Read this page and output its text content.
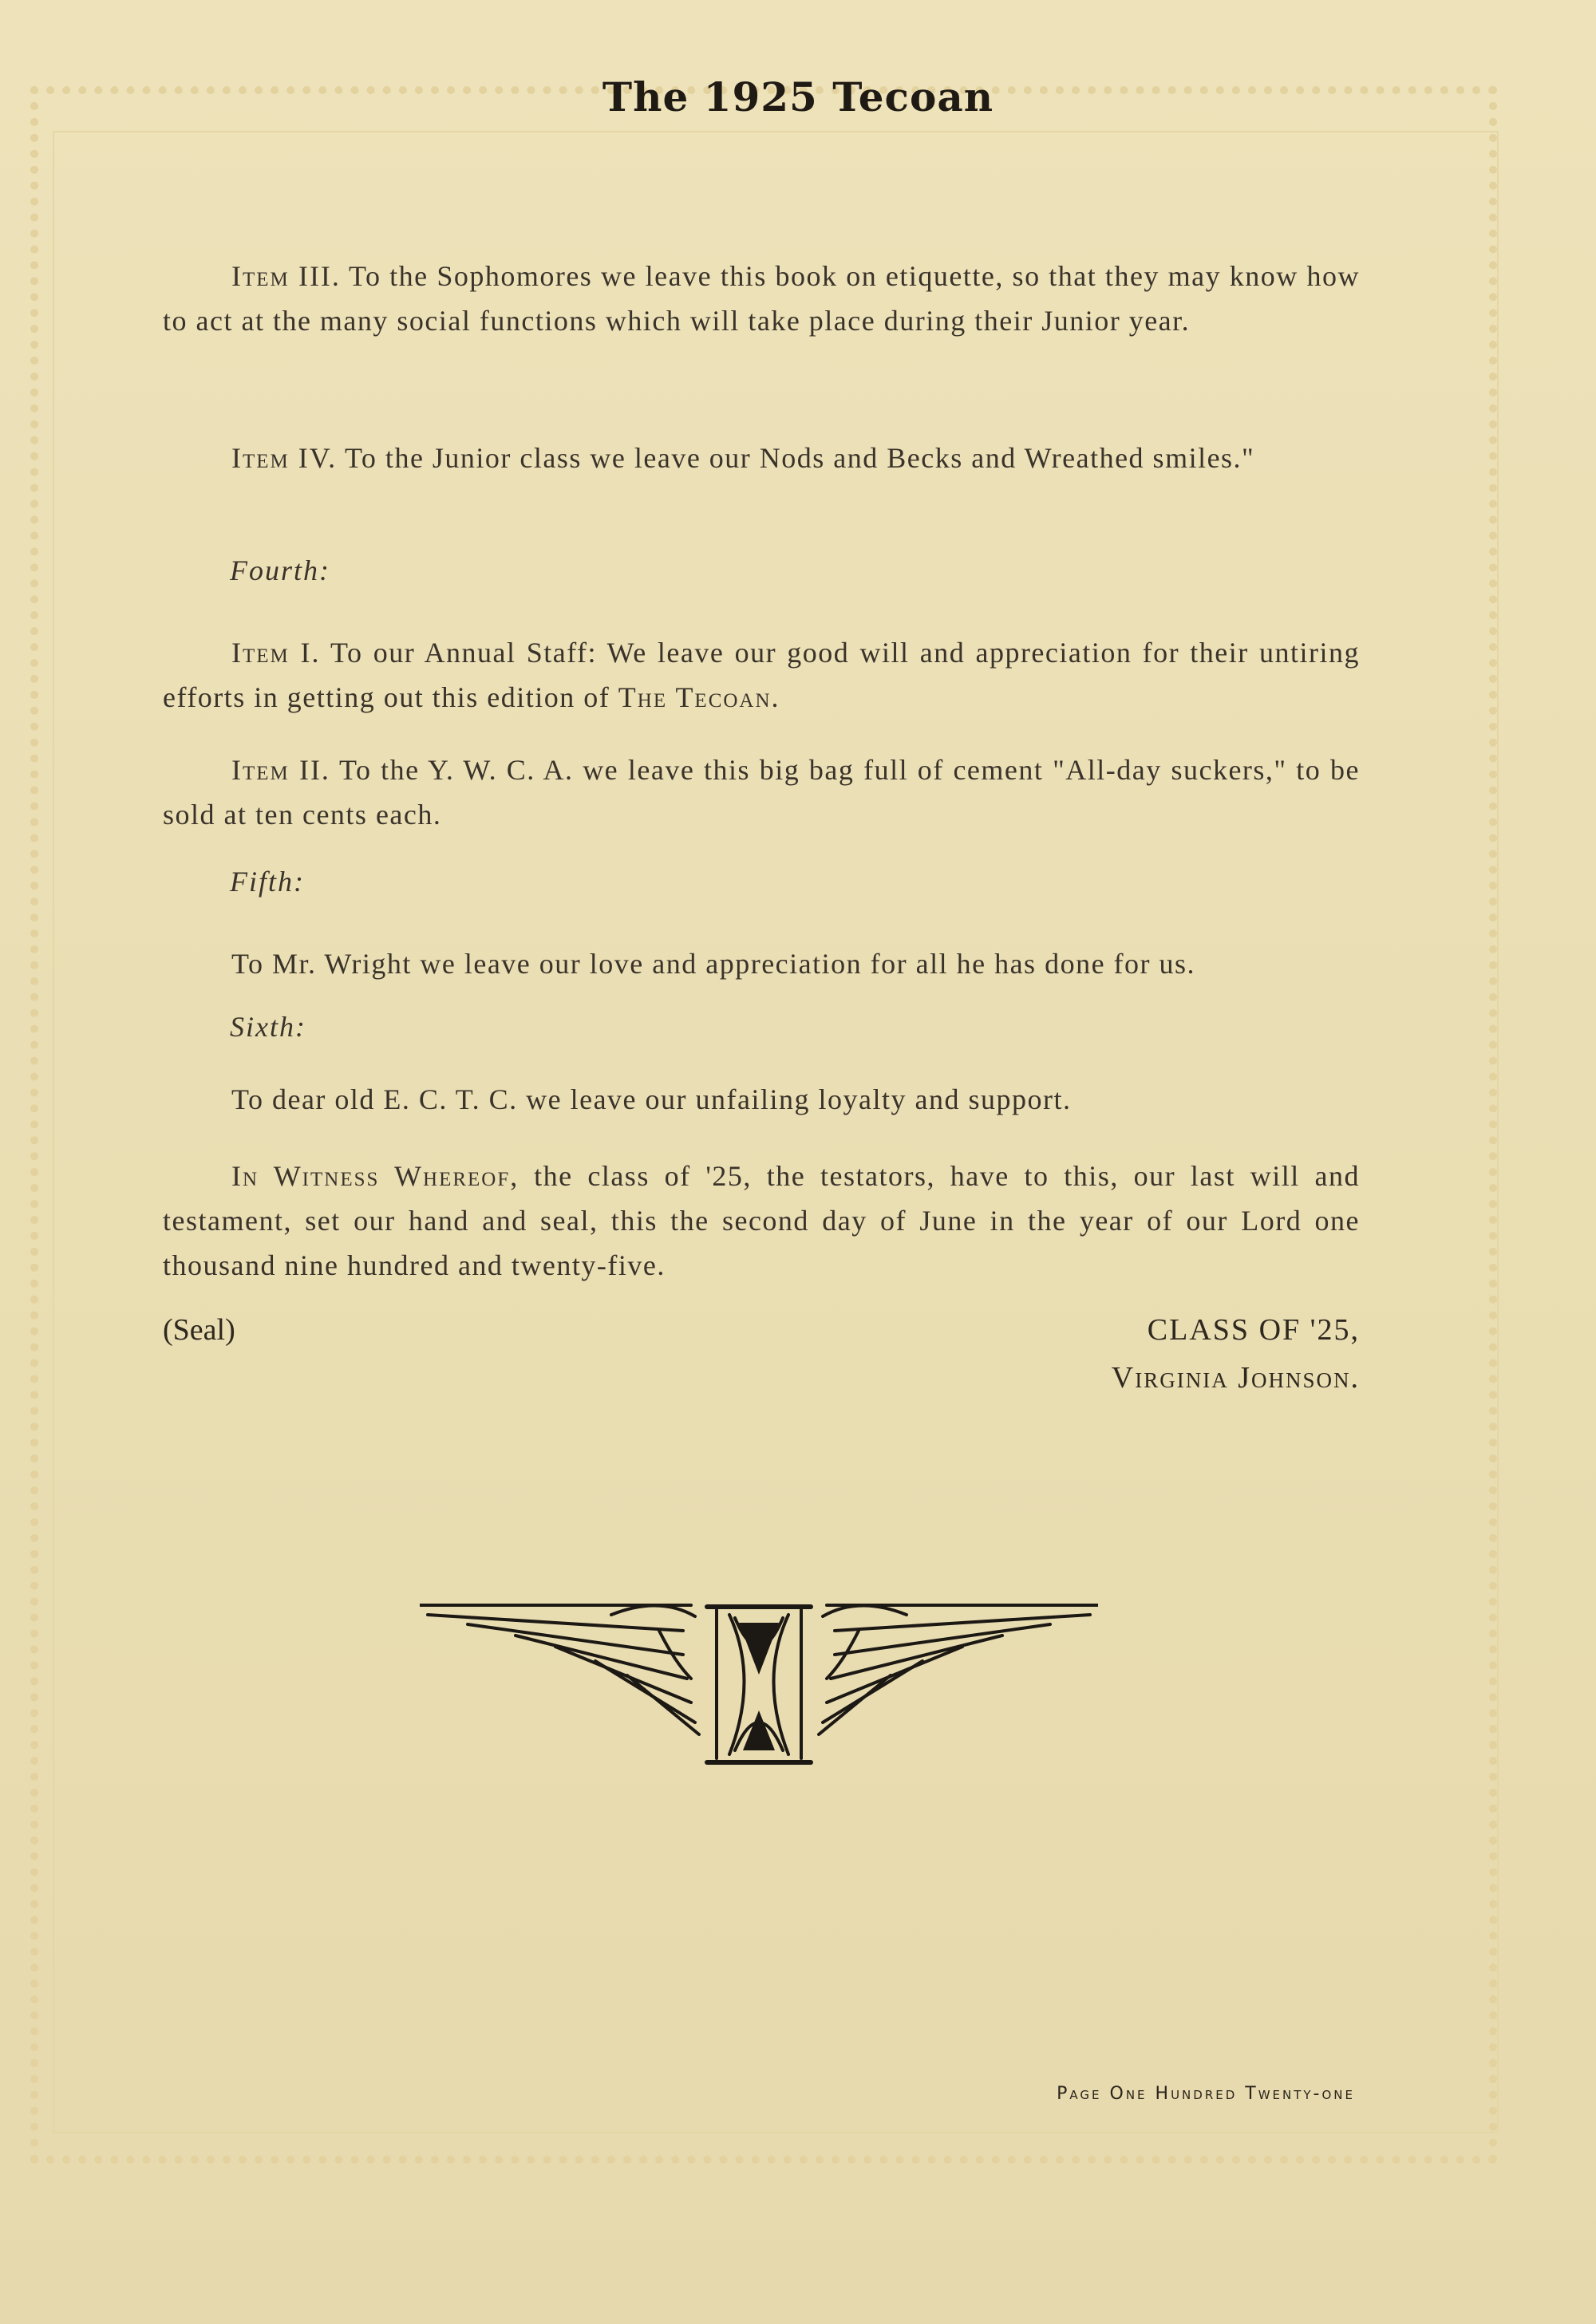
The 1925 Tecoan

Item III. To the Sophomores we leave this book on etiquette, so that they may know how to act at the many social functions which will take place during their Junior year.

Item IV. To the Junior class we leave our Nods and Becks and Wreathed smiles."

Fourth:

Item I. To our Annual Staff: We leave our good will and appreciation for their untiring efforts in getting out this edition of The Tecoan.

Item II. To the Y. W. C. A. we leave this big bag full of cement "All-day suckers," to be sold at ten cents each.

Fifth:

To Mr. Wright we leave our love and appreciation for all he has done for us.

Sixth:

To dear old E. C. T. C. we leave our unfailing loyalty and support.

In Witness Whereof, the class of '25, the testators, have to this, our last will and testament, set our hand and seal, this the second day of June in the year of our Lord one thousand nine hundred and twenty-five.

(Seal)	CLASS OF '25,
Virginia Johnson.
Page One Hundred Twenty-one
